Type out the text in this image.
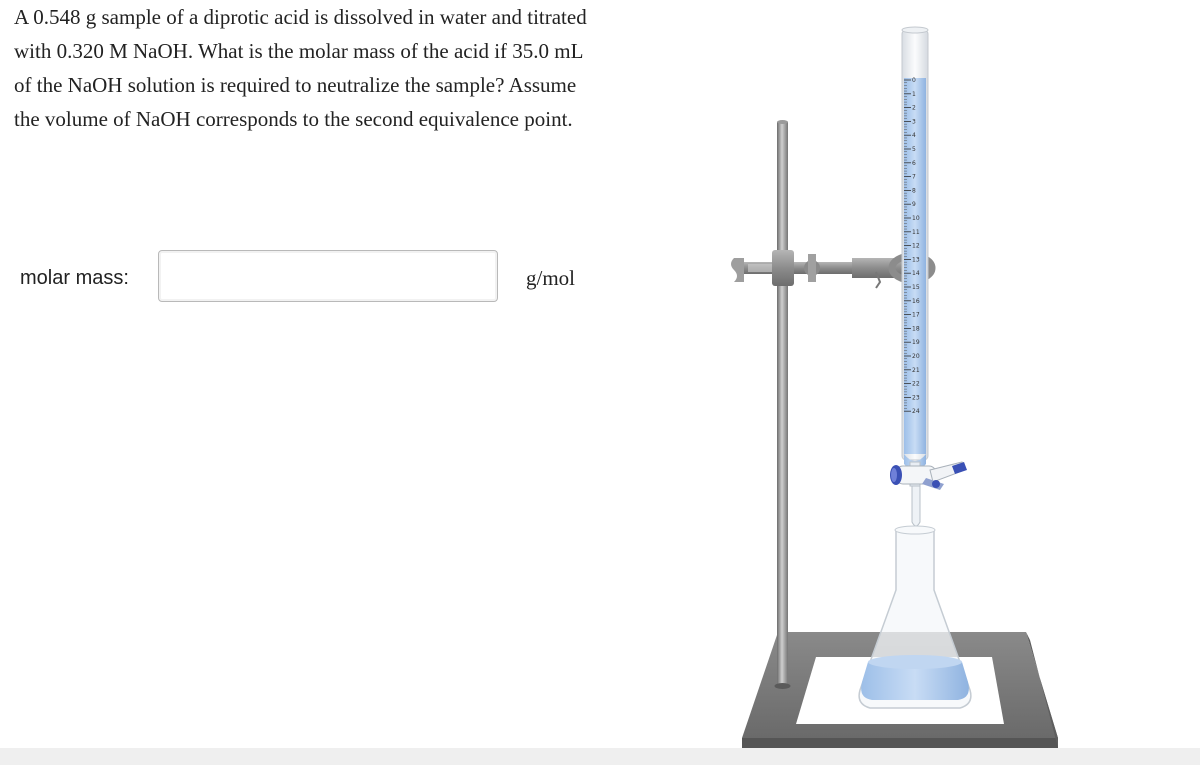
A 0.548 g sample of a diprotic acid is dissolved in water and titrated with 0.320 M NaOH. What is the molar mass of the acid if 35.0 mL of the NaOH solution is required to neutralize the sample? Assume the volume of NaOH corresponds to the second equivalence point.

molar mass:	g/mol
0
1
2
3
4
5
6
7
8
9
10
11
12
13
14
15
16
17
18
19
20
21
22
23
24
